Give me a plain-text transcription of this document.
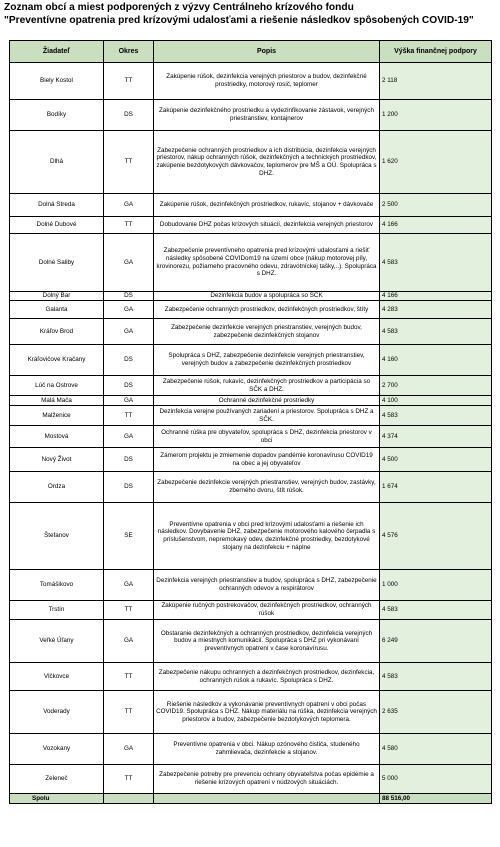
Zoznam obcí a miest podporených z výzvy Centrálneho krízového fondu
"Preventívne opatrenia pred krízovými udalosťami a riešenie následkov spôsobených COVID-19"
Žiadateľ	Okres	Popis	Výška finančnej podpory
Biely Kostol	TT	Zakúpenie rúšok, dezinfekcia verejných priestorov a budov, dezinfekčné prostriedky, motorový rosič, teplomer	2 118
Bodíky	DS	Zakúpenie dezinfekčného prostriedku a vydezinfikovanie zástavok, verejných priestranstiev, kontajnerov	1 200
Dlhá	TT	Zabezpečenie ochranných prostriedkov a ich distribúcia, dezinfekcia verejných priestorov, nákup ochranných rúšok, dezinfekčných a technických prostriedkov, zakúpenie bezdotykových dávkovačov, teplomerov pre MŠ a OÚ. Spolupráca s DHZ.	1 620
Dolná Streda	GA	Zakúpenie rúšok, dezinfekčných prostriedkov, rukavíc, stojanov + dávkovače	2 500
Dolné Dubové	TT	Dobudovanie DHZ počas krízových situácií, dezinfekcia verejných priestorov	4 166
Dolné Saliby	GA	Zabezpečenie preventívneho opatrenia pred krízovými udalosťami a riešiť následky spôsobené COVIDom19 na území obce (nákup motorovej píly, krovinorezu, požiarneho pracovného odevu, zdravotníckej tašky,..). Spolupráca s DHZ.	4 583
Dolný Bar	DS	Dezinfekcia budov a spolupráca so SČK	4 166
Galanta	GA	Zabezpečenie ochranných prostriedkov, dezinfekčných prostriedkov, štíty	4 283
Kráľov Brod	GA	Zabezpečenie dezinfekcie verejných priestranstiev, verejných budov, zabezpečenie dezinfekčných stojanov	4 583
Kráľovičove Kračany	DS	Spolupráca s DHZ, zabezpečenie dezinfekcie verejných priestranstiev, verejných budov a zabezpečenie dezinfekčných prostriedkov	4 160
Lúč na Ostrove	DS	Zabezpečenie rúšok, rukavíc, dezinfekčných prostriedkov a participácia so SČK a DHZ.	2 700
Malá Mača	GA	Ochranné dezinfekčné prostriedky	4 100
Malženice	TT	Dezinfekcia verejne používaných zariadení a priestorov. Spolupráca s DHZ a SČK.	4 583
Mostová	GA	Ochranné rúška pre obyvateľov, spolupráca s DHZ, dezinfekcia priestorov v obci	4 374
Nový Život	DS	Zámerom projektu je zmiernenie dopadov pandémie koronavírusu COVID19 na obec a jej obyvateľov	4 500
Ordza	DS	Zabezpečenie dezinfekcie verejných priestranstiev, verejných budov, zastávky, zberného dvoru, štít rúšok.	1 674
Štefanov	SE	Preventívne opatrenia v obci pred krízovými udalosťami a riešenie ich následkov. Dovybavenie DHZ, zabezpečenie motorového kalového čerpadla s príslušenstvom, nepremokavý odev, dezinfekčné prostriedky, bezdotykové stojany na dezinfekciu + náplne	4 576
Tomášikovo	GA	Dezinfekcia verejných priestranstiev a budov, spolupráca s DHZ, zabezpečenie ochranných odevov a respirátorov	1 000
Trstín	TT	Zakúpenie ručných postrekovačov, dezinfekčných prostriedkov, ochranných rúšok	4 583
Veľké Úľany	GA	Obstaranie dezinfekčných a ochranných prostriedkov, dezinfekcia verejných budov a miestnych komunikácií. Spolupráca s DHZ pri vykonávaní preventívnych opatrení v čase koronavírusu.	6 249
Vlčkovce	TT	Zabezpečenie nákupu ochranných a dezinfekčných prostriedkov, dezinfekcia, ochranných rúšok a rukavíc. Spolupráca s DHZ.	4 583
Voderady	TT	Riešenie následkov a vykonávanie preventívnych opatrení v obci počas COVID19. Spolupráca s DHZ. Nákup materiálu na rúška, dezinfekcia verejných priestorov a budov, zabezpečenie bezdotykových teplomera.	2 635
Vozokany	GA	Preventívne opatrenia v obci. Nákup ozónového čističa, studeného zahmlievača, dezinfekcie a stojanov.	4 580
Zeleneč	TT	Zabezpečenie potreby pre prevenciu ochrany obyvateľstva počas epidémie a riešenie krízových opatrení v núdzových situáciách.	5 000
Spolu			88 516,00
